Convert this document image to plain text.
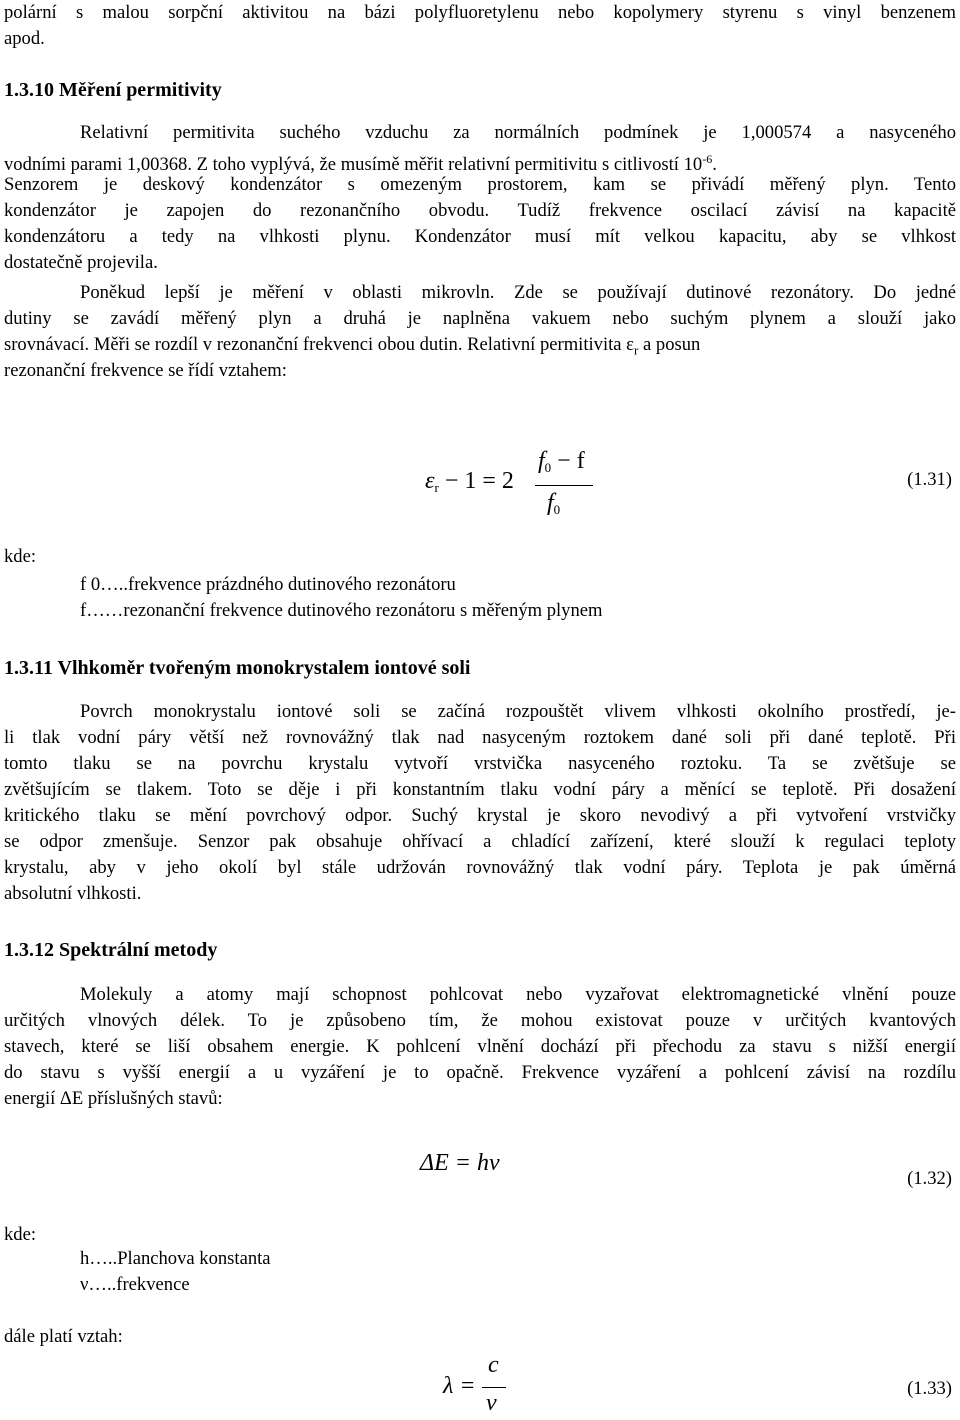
polární s malou sorpční aktivitou na bázi polyfluoretylenu nebo kopolymery styrenu s vinyl benzenem
apod.
1.3.10 Měření permitivity
Relativní permitivita suchého vzduchu za normálních podmínek je 1,000574 a nasyceného
vodními parami 1,00368. Z toho vyplývá, že musímě měřit relativní permitivitu s citlivostí $10^{-6}$.
Senzorem je deskový kondenzátor s omezeným prostorem, kam se přivádí měřený plyn. Tento
kondenzátor je zapojen do rezonančního obvodu. Tudíž frekvence oscilací závisí na kapacitě
kondenzátoru a tedy na vlhkosti plynu. Kondenzátor musí mít velkou kapacitu, aby se vlhkost
dostatečně projevila.
Poněkud lepší je měření v oblasti mikrovln. Zde se používají dutinové rezonátory. Do jedné
dutiny se zavádí měřený plyn a druhá je naplněna vakuem nebo suchým plynem a slouží jako
srovnávací. Měři se rozdíl v rezonanční frekvenci obou dutin. Relativní permitivita $\varepsilon_r$ a posun
rezonanční frekvence se řídí vztahem:
$\varepsilon_r - 1 = 2$
$f_0 - f$
$f_0$
(1.31)
kde:
f 0…..frekvence prázdného dutinového rezonátoru
f……rezonanční frekvence dutinového rezonátoru s měřeným plynem
1.3.11 Vlhkoměr tvořeným monokrystalem iontové soli
Povrch monokrystalu iontové soli se začíná rozpouštět vlivem vlhkosti okolního prostředí, je-
li tlak vodní páry větší než rovnovážný tlak nad nasyceným roztokem dané soli při dané teplotě. Při
tomto tlaku se na povrchu krystalu vytvoří vrstvička nasyceného roztoku. Ta se zvětšuje se
zvětšujícím se tlakem. Toto se děje i při konstantním tlaku vodní páry a měnící se teplotě. Při dosažení
kritického tlaku se mění povrchový odpor. Suchý krystal je skoro nevodivý a při vytvoření vrstvičky
se odpor zmenšuje. Senzor pak obsahuje ohřívací a chladící zařízení, které slouží k regulaci teploty
krystalu, aby v jeho okolí byl stále udržován rovnovážný tlak vodní páry. Teplota je pak úměrná
absolutní vlhkosti.
1.3.12 Spektrální metody
Molekuly a atomy mají schopnost pohlcovat nebo vyzařovat elektromagnetické vlnění pouze
určitých vlnových délek. To je způsobeno tím, že mohou existovat pouze v určitých kvantových
stavech, které se liší obsahem energie. K pohlcení vlnění dochází při přechodu za stavu s nižší energií
do stavu s vyšší energií a u vyzáření je to opačně. Frekvence vyzáření a pohlcení závisí na rozdílu
energií ΔE příslušných stavů:
ΔE = hν
(1.32)
kde:
h…..Planchova konstanta
ν…..frekvence
dále platí vztah:
λ =
c
ν
(1.33)
